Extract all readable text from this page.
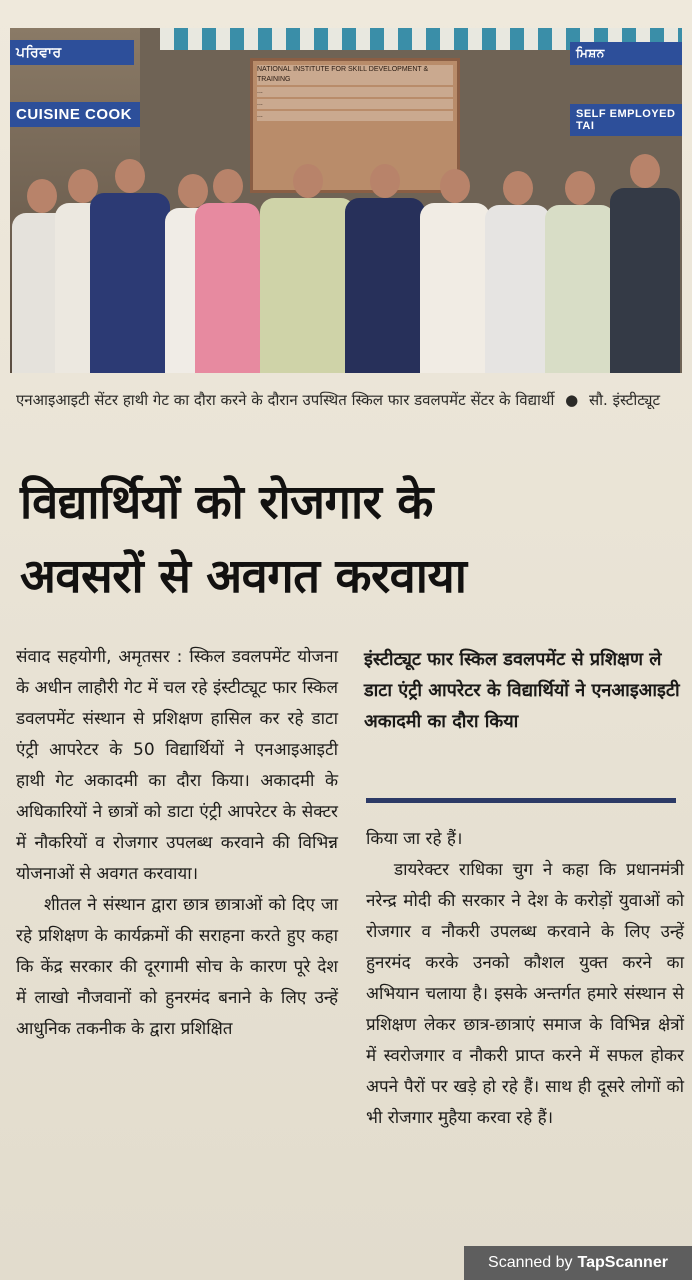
ਪਰਿਵਾਰ
CUISINE COOK
ਮਿਸ਼ਨ
SELF EMPLOYED TAI
NATIONAL INSTITUTE FOR SKILL DEVELOPMENT & TRAINING
...
...
...
एनआइआइटी सेंटर हाथी गेट का दौरा करने के दौरान उपस्थित स्किल फार डवलपमेंट सेंटर के विद्यार्थी ● सौ. इंस्टीट्यूट
विद्यार्थियों को रोजगार के
अवसरों से अवगत करवाया

संवाद सहयोगी, अमृतसर : स्किल डवलपमेंट योजना के अधीन लाहौरी गेट में चल रहे इंस्टीट्यूट फार स्किल डवलपमेंट संस्थान से प्रशिक्षण हासिल कर रहे डाटा एंट्री आपरेटर के 50 विद्यार्थियों ने एनआइआइटी हाथी गेट अकादमी का दौरा किया। अकादमी के अधिकारियों ने छात्रों को डाटा एंट्री आपरेटर के सेक्टर में नौकरियों व रोजगार उपलब्ध करवाने की विभिन्न योजनाओं से अवगत करवाया।

शीतल ने संस्थान द्वारा छात्र छात्राओं को दिए जा रहे प्रशिक्षण के कार्यक्रमों की सराहना करते हुए कहा कि केंद्र सरकार की दूरगामी सोच के कारण पूरे देश में लाखो नौजवानों को हुनरमंद बनाने के लिए उन्हें आधुनिक तकनीक के द्वारा प्रशिक्षित

इंस्टीट्यूट फार स्किल डवलपमेंट से प्रशिक्षण ले डाटा एंट्री आपरेटर के विद्यार्थियों ने एनआइआइटी अकादमी का दौरा किया

किया जा रहे हैं।

डायरेक्टर राधिका चुग ने कहा कि प्रधानमंत्री नरेन्द्र मोदी की सरकार ने देश के करोड़ों युवाओं को रोजगार व नौकरी उपलब्ध करवाने के लिए उन्हें हुनरमंद करके उनको कौशल युक्त करने का अभियान चलाया है। इसके अन्तर्गत हमारे संस्थान से प्रशिक्षण लेकर छात्र-छात्राएं समाज के विभिन्न क्षेत्रों में स्वरोजगार व नौकरी प्राप्त करने में सफल होकर अपने पैरों पर खड़े हो रहे हैं। साथ ही दूसरे लोगों को भी रोजगार मुहैया करवा रहे हैं।

Scanned by TapScanner
